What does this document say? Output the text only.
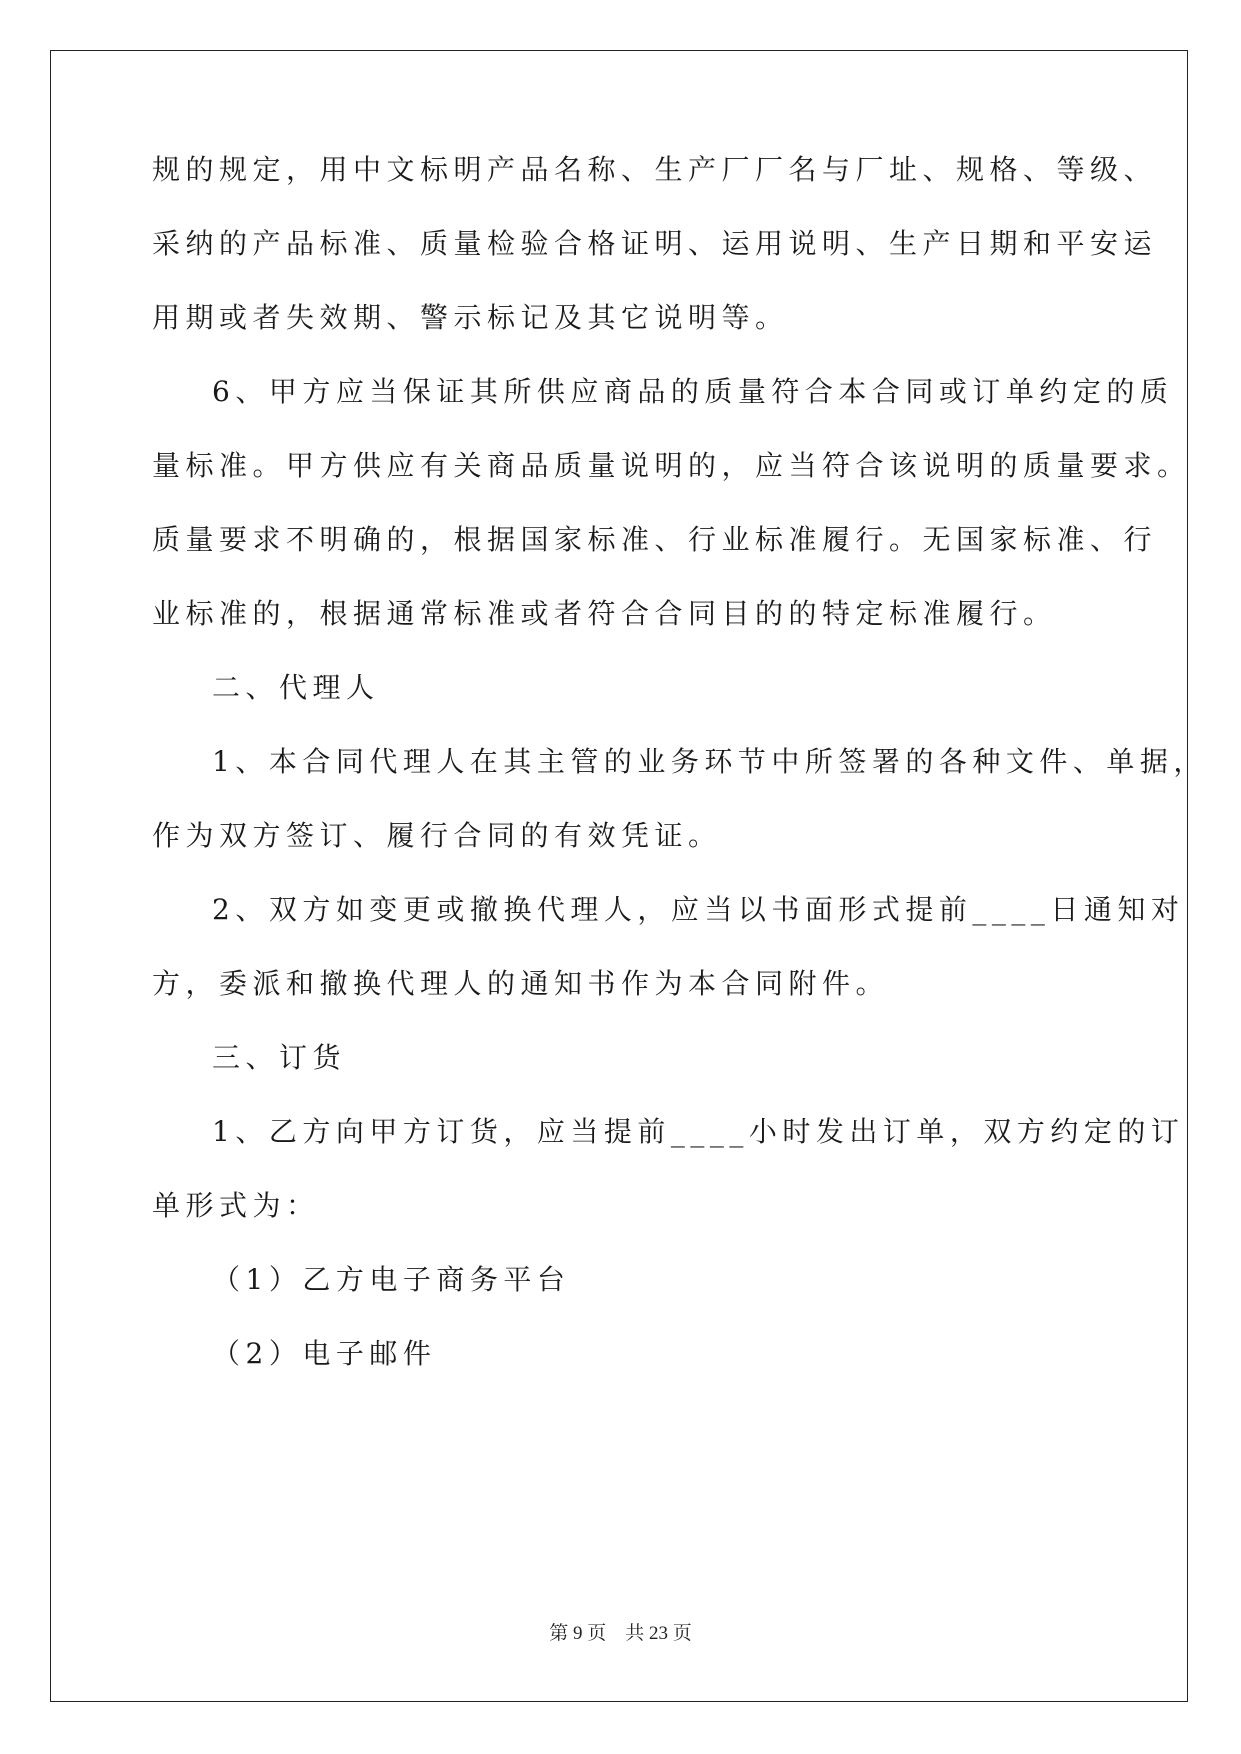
规的规定，用中文标明产品名称、生产厂厂名与厂址、规格、等级、
采纳的产品标准、质量检验合格证明、运用说明、生产日期和平安运
用期或者失效期、警示标记及其它说明等。
6、甲方应当保证其所供应商品的质量符合本合同或订单约定的质
量标准。甲方供应有关商品质量说明的，应当符合该说明的质量要求。
质量要求不明确的，根据国家标准、行业标准履行。无国家标准、行
业标准的，根据通常标准或者符合合同目的的特定标准履行。
二、代理人
1、本合同代理人在其主管的业务环节中所签署的各种文件、单据，
作为双方签订、履行合同的有效凭证。
2、双方如变更或撤换代理人，应当以书面形式提前____日通知对
方，委派和撤换代理人的通知书作为本合同附件。
三、订货
1、乙方向甲方订货，应当提前____小时发出订单，双方约定的订
单形式为：
（1）乙方电子商务平台
（2）电子邮件
第 9 页    共 23 页
